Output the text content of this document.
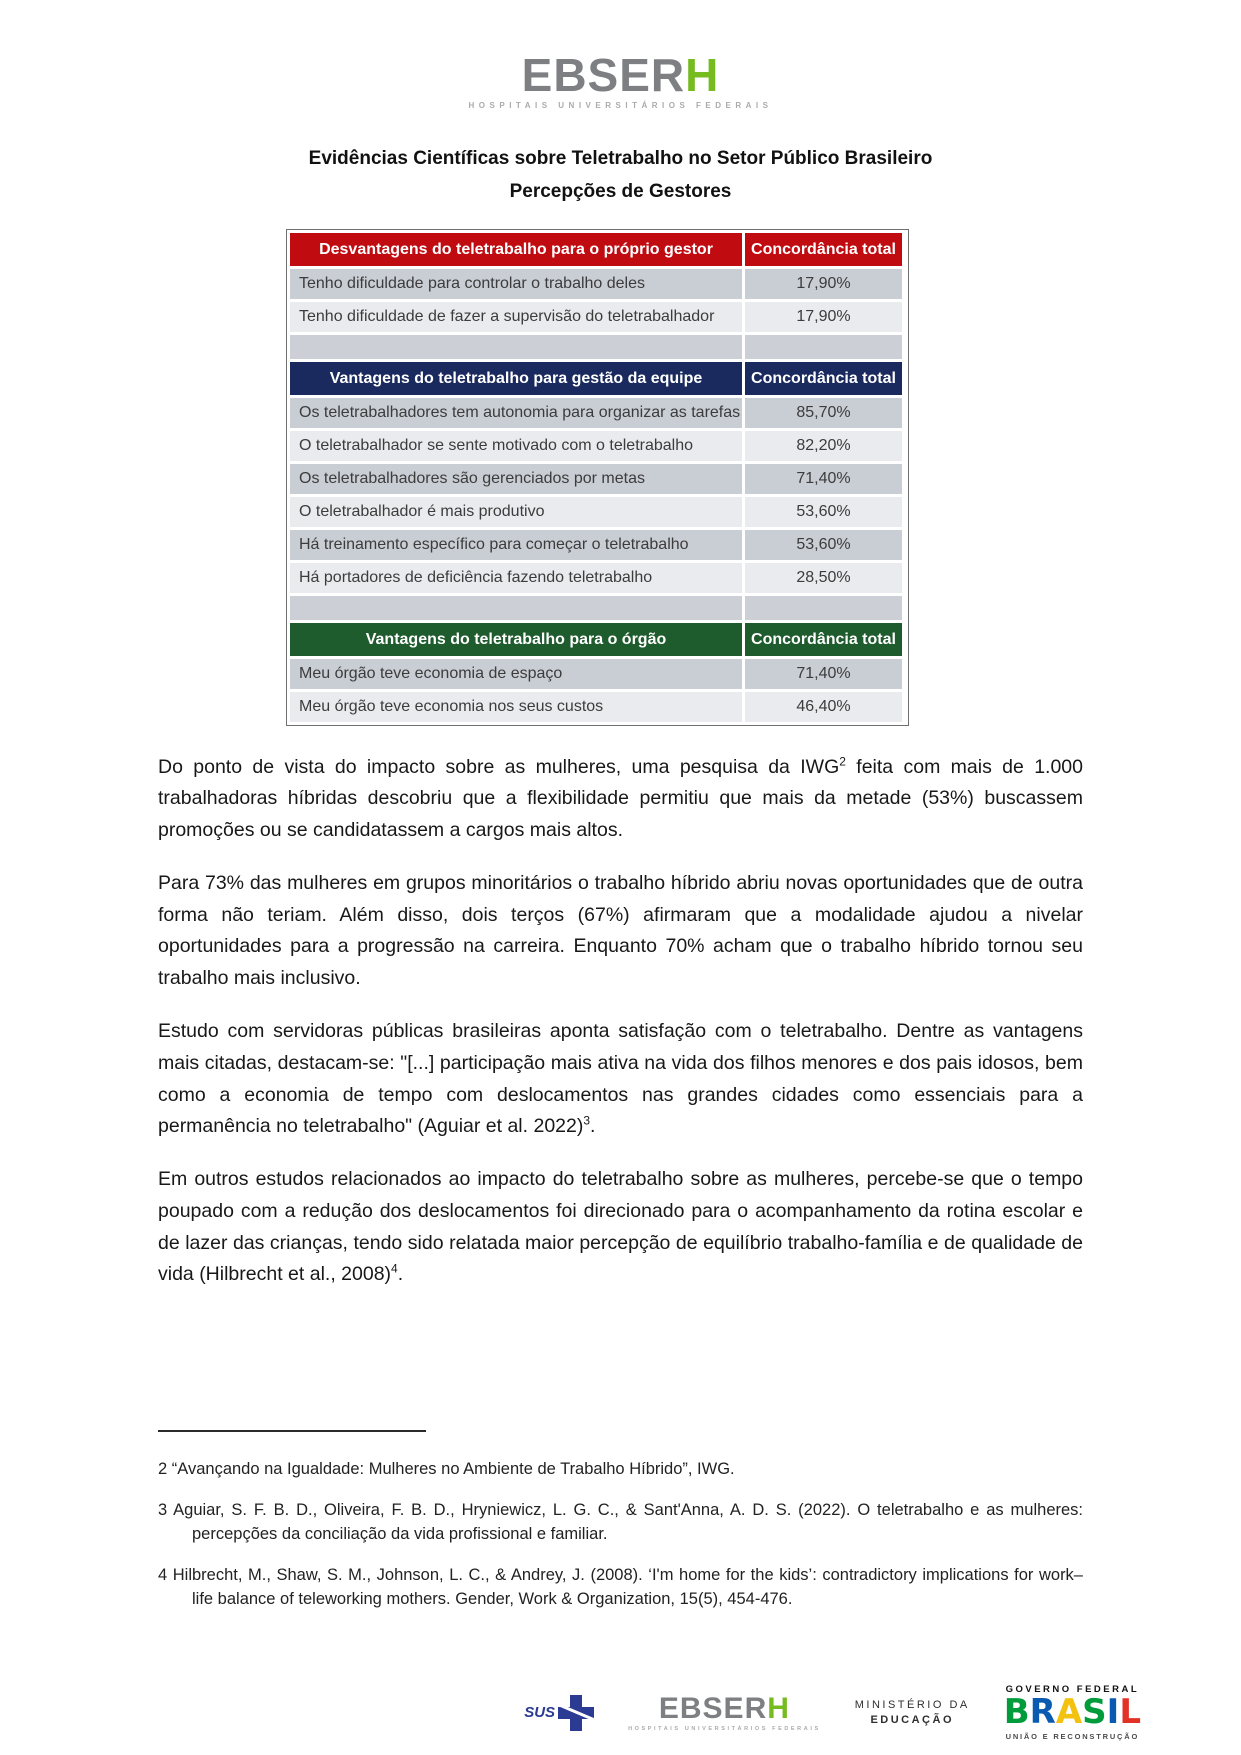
EBSERH
HOSPITAIS UNIVERSITÁRIOS FEDERAIS
Evidências Científicas sobre Teletrabalho no Setor Público Brasileiro
Percepções de Gestores
Desvantagens do teletrabalho para o próprio gestor	Concordância total
Tenho dificuldade para controlar o trabalho deles	17,90%
Tenho dificuldade de fazer a supervisão do teletrabalhador	17,90%
Vantagens do teletrabalho para gestão da equipe	Concordância total
Os teletrabalhadores tem autonomia para organizar as tarefas	85,70%
O teletrabalhador se sente motivado com o teletrabalho	82,20%
Os teletrabalhadores são gerenciados por metas	71,40%
O teletrabalhador é mais produtivo	53,60%
Há treinamento específico para começar o teletrabalho	53,60%
Há portadores de deficiência fazendo teletrabalho	28,50%
Vantagens do teletrabalho para o órgão	Concordância total
Meu órgão teve economia de espaço	71,40%
Meu órgão teve economia nos seus custos	46,40%

Do ponto de vista do impacto sobre as mulheres, uma pesquisa da IWG$^2$ feita com mais de 1.000 trabalhadoras híbridas descobriu que a flexibilidade permitiu que mais da metade (53%) buscassem promoções ou se candidatassem a cargos mais altos.

Para 73% das mulheres em grupos minoritários o trabalho híbrido abriu novas oportunidades que de outra forma não teriam. Além disso, dois terços (67%) afirmaram que a modalidade ajudou a nivelar oportunidades para a progressão na carreira. Enquanto 70% acham que o trabalho híbrido tornou seu trabalho mais inclusivo.

Estudo com servidoras públicas brasileiras aponta satisfação com o teletrabalho. Dentre as vantagens mais citadas, destacam-se: "[...] participação mais ativa na vida dos filhos menores e dos pais idosos, bem como a economia de tempo com deslocamentos nas grandes cidades como essenciais para a permanência no teletrabalho" (Aguiar et al. 2022)$^3$.

Em outros estudos relacionados ao impacto do teletrabalho sobre as mulheres, percebe-se que o tempo poupado com a redução dos deslocamentos foi direcionado para o acompanhamento da rotina escolar e de lazer das crianças, tendo sido relatada maior percepção de equilíbrio trabalho-família e de qualidade de vida (Hilbrecht et al., 2008)$^4$.

2 “Avançando na Igualdade: Mulheres no Ambiente de Trabalho Híbrido”, IWG.

3 Aguiar, S. F. B. D., Oliveira, F. B. D., Hryniewicz, L. G. C., & Sant'Anna, A. D. S. (2022). O teletrabalho e as mulheres: percepções da conciliação da vida profissional e familiar.

4 Hilbrecht, M., Shaw, S. M., Johnson, L. C., & Andrey, J. (2008). ‘I'm home for the kids’: contradictory implications for work–life balance of teleworking mothers. Gender, Work & Organization, 15(5), 454-476.

SUS	EBSERH
HOSPITAIS UNIVERSITÁRIOS FEDERAIS
MINISTÉRIO DA
EDUCAÇÃO
GOVERNO FEDERAL
BRASIL
UNIÃO E RECONSTRUÇÃO
